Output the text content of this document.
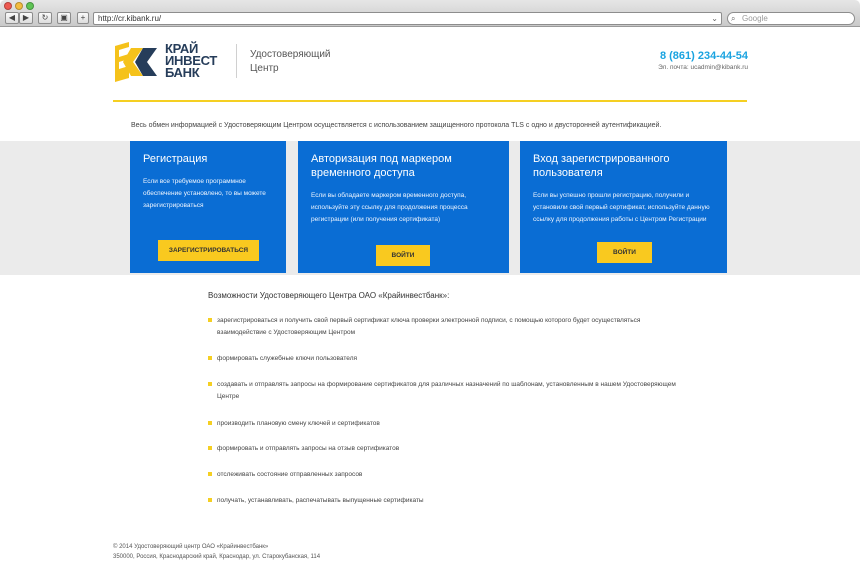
◀ ▶	↻	▣	+	http://cr.kibank.ru/	⌄ ⌕ Google
КРАЙ
ИНВЕСТ
БАНК
Удостоверяющий
Центр
8 (861) 234-44-54
Эл. почта: ucadmin@kibank.ru
Весь обмен информацией с Удостоверяющим Центром осуществляется с использованием защищенного протокола TLS с одно и двусторонней аутентификацией.
Регистрация
Если все требуемое программное обеспечение установлено, то вы можете зарегистрироваться
ЗАРЕГИСТРИРОВАТЬСЯ
Авторизация под маркером временного доступа
Если вы обладаете маркером временного доступа, используйте эту ссылку для продолжения процесса регистрации (или получения сертификата)
ВОЙТИ
Вход зарегистрированного пользователя
Если вы успешно прошли регистрацию, получили и установили свой первый сертификат, используйте данную ссылку для продолжения работы с Центром Регистрации
ВОЙТИ
Возможности Удостоверяющего Центра ОАО «Крайинвестбанк»:
зарегистрироваться и получить свой первый сертификат ключа проверки электронной подписи, с помощью которого будет осуществляться взаимодействие с Удостоверяющим Центром
формировать служебные ключи пользователя
создавать и отправлять запросы на формирование сертификатов для различных назначений по шаблонам, установленным в нашем Удостоверяющем Центре
производить плановую смену ключей и сертификатов
формировать и отправлять запросы на отзыв сертификатов
отслеживать состояние отправленных запросов
получать, устанавливать, распечатывать выпущенные сертификаты
© 2014 Удостоверяющий центр ОАО «Крайинвестбанк»
350000, Россия, Краснодарский край, Краснодар, ул. Старокубанская, 114
